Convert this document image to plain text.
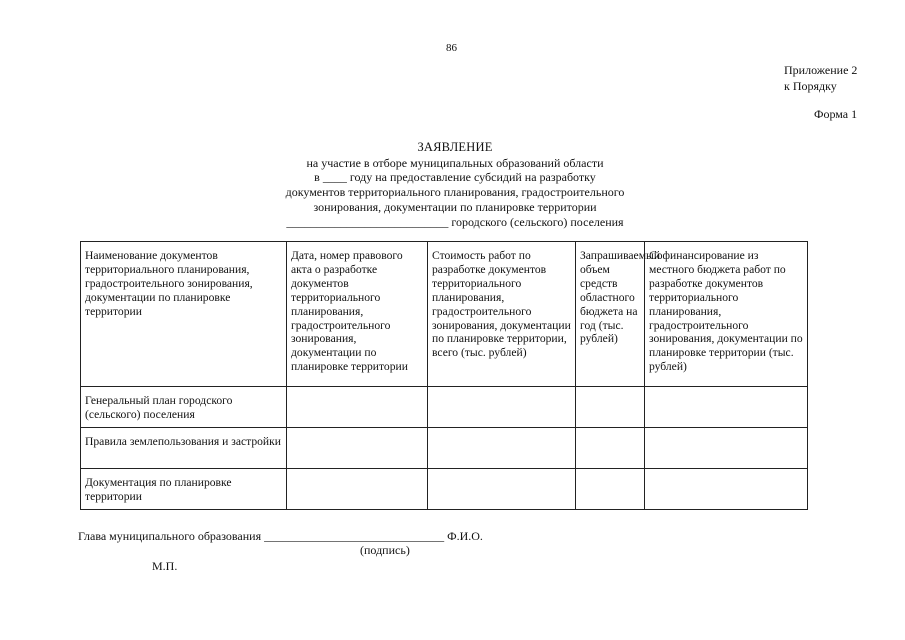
86
Приложение 2
к Порядку
Форма 1
ЗАЯВЛЕНИЕ
на участие в отборе муниципальных образований области
в ____ году на предоставление субсидий на разработку
документов территориального планирования, градостроительного
зонирования, документации по планировке территории
___________________________ городского (сельского) поселения
Наименование документов территориального планирования, градостроительного зонирования, документации по планировке территории	Дата, номер правового акта о разработке документов территориального планирования, градостроительного зонирования, документации по планировке территории	Стоимость работ по разработке документов территориального планирования, градостроительного зонирования, документации по планировке территории, всего (тыс. рублей)	Запрашиваемый объем средств областного бюджета на год (тыс. рублей)	Софинансирование из местного бюджета работ по разработке документов территориального планирования, градостроительного зонирования, документации по планировке территории (тыс. рублей)
Генеральный план городского (сельского) поселения				
Правила землепользования и застройки				
Документация по планировке территории				
Глава муниципального образования ______________________________ Ф.И.О.
(подпись)
М.П.
